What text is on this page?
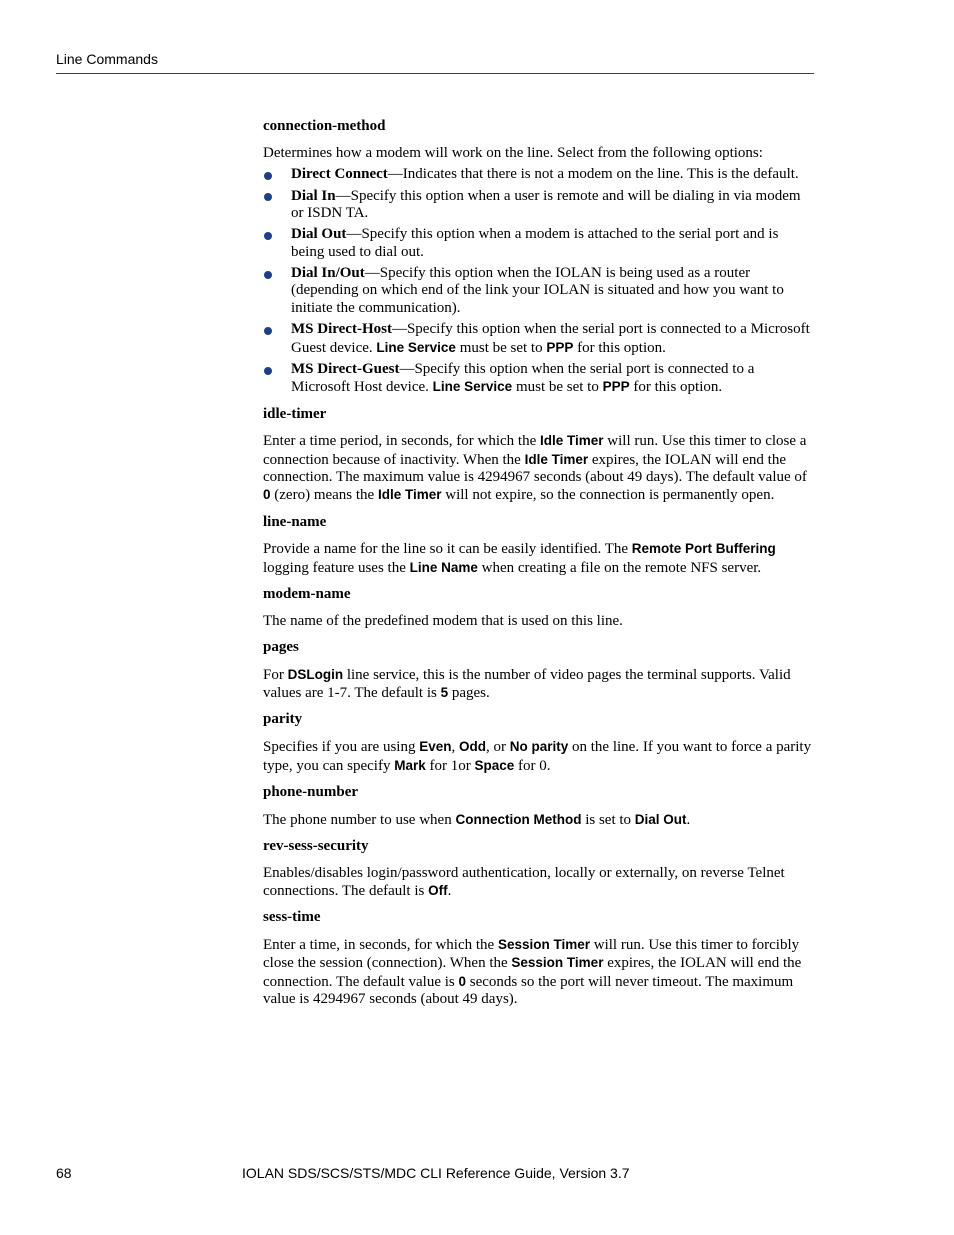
Line Commands
connection-method
Determines how a modem will work on the line. Select from the following options:
Direct Connect—Indicates that there is not a modem on the line. This is the default.
Dial In—Specify this option when a user is remote and will be dialing in via modem or ISDN TA.
Dial Out—Specify this option when a modem is attached to the serial port and is being used to dial out.
Dial In/Out—Specify this option when the IOLAN is being used as a router (depending on which end of the link your IOLAN is situated and how you want to initiate the communication).
MS Direct-Host—Specify this option when the serial port is connected to a Microsoft Guest device. Line Service must be set to PPP for this option.
MS Direct-Guest—Specify this option when the serial port is connected to a Microsoft Host device. Line Service must be set to PPP for this option.
idle-timer
Enter a time period, in seconds, for which the Idle Timer will run. Use this timer to close a connection because of inactivity. When the Idle Timer expires, the IOLAN will end the connection. The maximum value is 4294967 seconds (about 49 days). The default value of 0 (zero) means the Idle Timer will not expire, so the connection is permanently open.
line-name
Provide a name for the line so it can be easily identified. The Remote Port Buffering logging feature uses the Line Name when creating a file on the remote NFS server.
modem-name
The name of the predefined modem that is used on this line.
pages
For DSLogin line service, this is the number of video pages the terminal supports. Valid values are 1-7. The default is 5 pages.
parity
Specifies if you are using Even, Odd, or No parity on the line. If you want to force a parity type, you can specify Mark for 1or Space for 0.
phone-number
The phone number to use when Connection Method is set to Dial Out.
rev-sess-security
Enables/disables login/password authentication, locally or externally, on reverse Telnet connections. The default is Off.
sess-time
Enter a time, in seconds, for which the Session Timer will run. Use this timer to forcibly close the session (connection). When the Session Timer expires, the IOLAN will end the connection. The default value is 0 seconds so the port will never timeout. The maximum value is 4294967 seconds (about 49 days).
68	IOLAN SDS/SCS/STS/MDC CLI Reference Guide, Version 3.7
